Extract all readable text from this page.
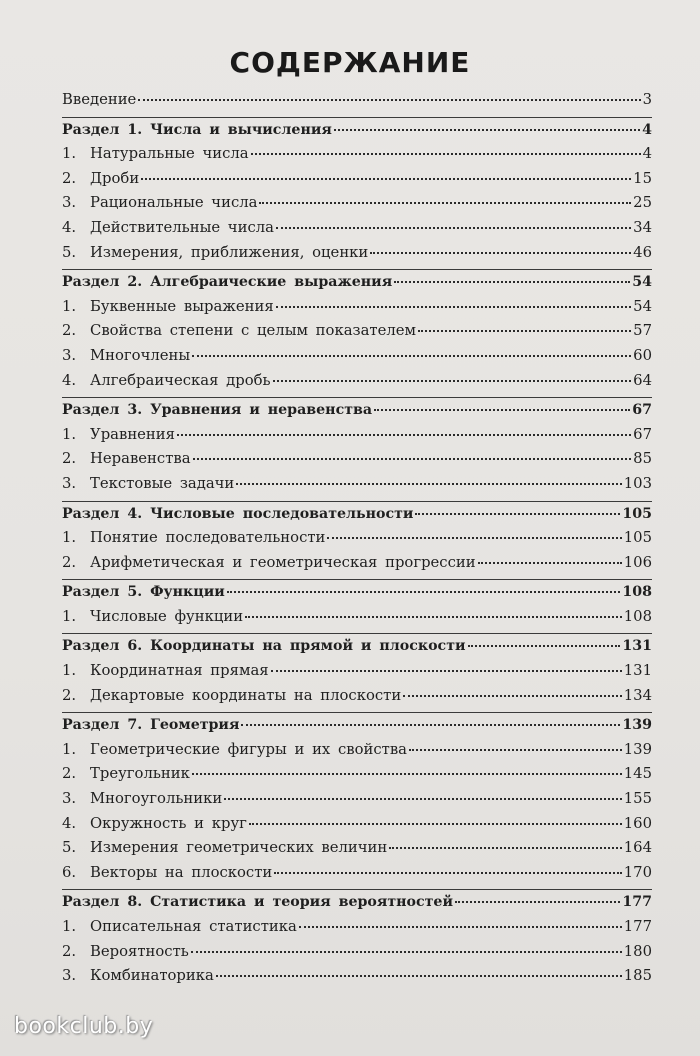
СОДЕРЖАНИЕ
Введение	3
Раздел 1. Числа и вычисления	4
1. Натуральные числа	4
2. Дроби	15
3. Рациональные числа	25
4. Действительные числа	34
5. Измерения, приближения, оценки	46
Раздел 2. Алгебраические выражения	54
1. Буквенные выражения	54
2. Свойства степени с целым показателем	57
3. Многочлены	60
4. Алгебраическая дробь	64
Раздел 3. Уравнения и неравенства	67
1. Уравнения	67
2. Неравенства	85
3. Текстовые задачи	103
Раздел 4. Числовые последовательности	105
1. Понятие последовательности	105
2. Арифметическая и геометрическая прогрессии	106
Раздел 5. Функции	108
1. Числовые функции	108
Раздел 6. Координаты на прямой и плоскости	131
1. Координатная прямая	131
2. Декартовые координаты на плоскости	134
Раздел 7. Геометрия	139
1. Геометрические фигуры и их свойства	139
2. Треугольник	145
3. Многоугольники	155
4. Окружность и круг	160
5. Измерения геометрических величин	164
6. Векторы на плоскости	170
Раздел 8. Статистика и теория вероятностей	177
1. Описательная статистика	177
2. Вероятность	180
3. Комбинаторика	185
bookclub.by
